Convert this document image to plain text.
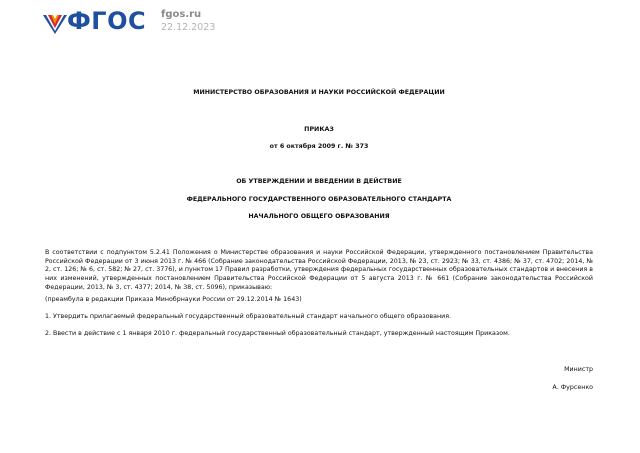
ФГОС fgos.ru
22.12.2023
МИНИСТЕРСТВО ОБРАЗОВАНИЯ И НАУКИ РОССИЙСКОЙ ФЕДЕРАЦИИ
ПРИКАЗ
от 6 октября 2009 г. № 373
ОБ УТВЕРЖДЕНИИ И ВВЕДЕНИИ В ДЕЙСТВИЕ
ФЕДЕРАЛЬНОГО ГОСУДАРСТВЕННОГО ОБРАЗОВАТЕЛЬНОГО СТАНДАРТА
НАЧАЛЬНОГО ОБЩЕГО ОБРАЗОВАНИЯ
В соответствии с подпунктом 5.2.41 Положения о Министерстве образования и науки Российской Федерации, утвержденного постановлением Правительства Российской Федерации от 3 июня 2013 г. № 466 (Собрание законодательства Российской Федерации, 2013, № 23, ст. 2923; № 33, ст. 4386; № 37, ст. 4702; 2014, № 2, ст. 126; № 6, ст. 582; № 27, ст. 3776), и пунктом 17 Правил разработки, утверждения федеральных государственных образовательных стандартов и внесения в них изменений, утвержденных постановлением Правительства Российской Федерации от 5 августа 2013 г. № 661 (Собрание законодательства Российской Федерации, 2013, № 3, ст. 4377; 2014, № 38, ст. 5096), приказываю:
(преамбула в редакции Приказа Минобрнауки России от 29.12.2014 № 1643)
1. Утвердить прилагаемый федеральный государственный образовательный стандарт начального общего образования.
2. Ввести в действие с 1 января 2010 г. федеральный государственный образовательный стандарт, утвержденный настоящим Приказом.
Министр
А. Фурсенко
